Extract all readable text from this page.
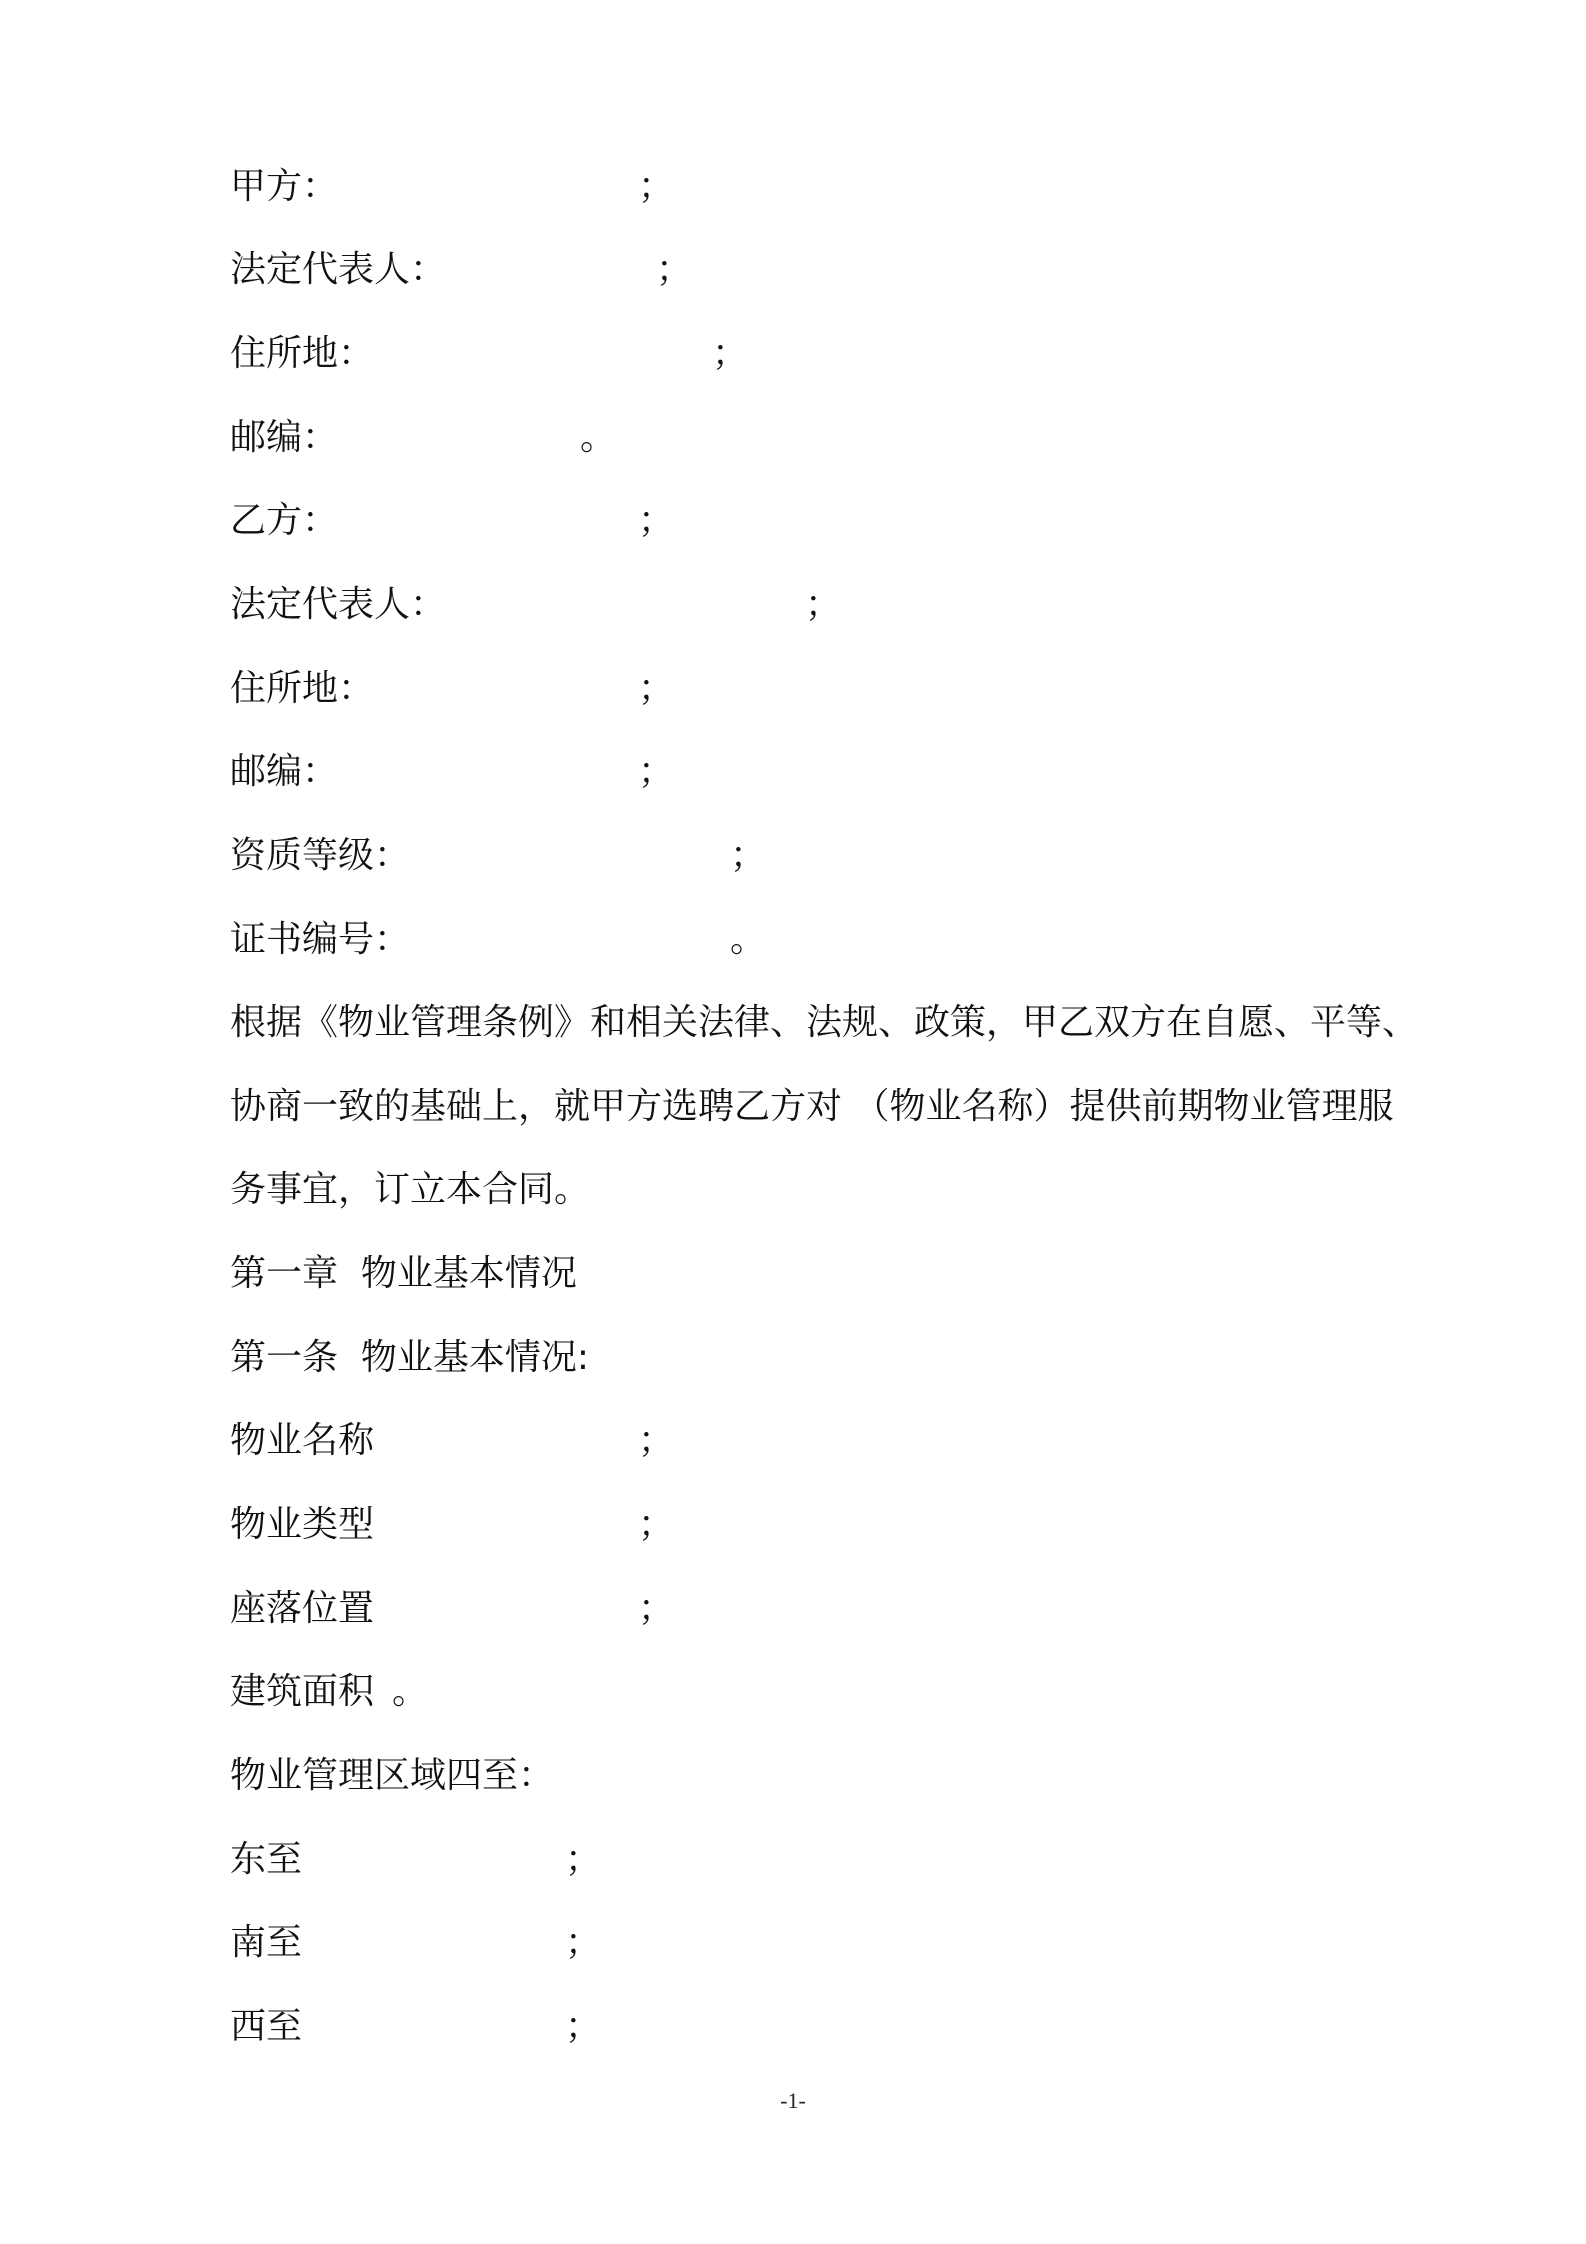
甲方：	；
法定代表人：	；
住所地：	；
邮编：	。
乙方：	；
法定代表人：	；
住所地：	；
邮编：	；
资质等级：	；
证书编号：	。
根据《物业管理条例》和相关法律、法规、政策，甲乙双方在自愿、平等、
协商一致的基础上，就甲方选聘乙方对 （物业名称）提供前期物业管理服
务事宜，订立本合同。
第一章  物业基本情况
第一条  物业基本情况:
物业名称	；
物业类型	；
座落位置	；
建筑面积 。
物业管理区域四至：
东至	；
南至	；
西至	；
-1-
